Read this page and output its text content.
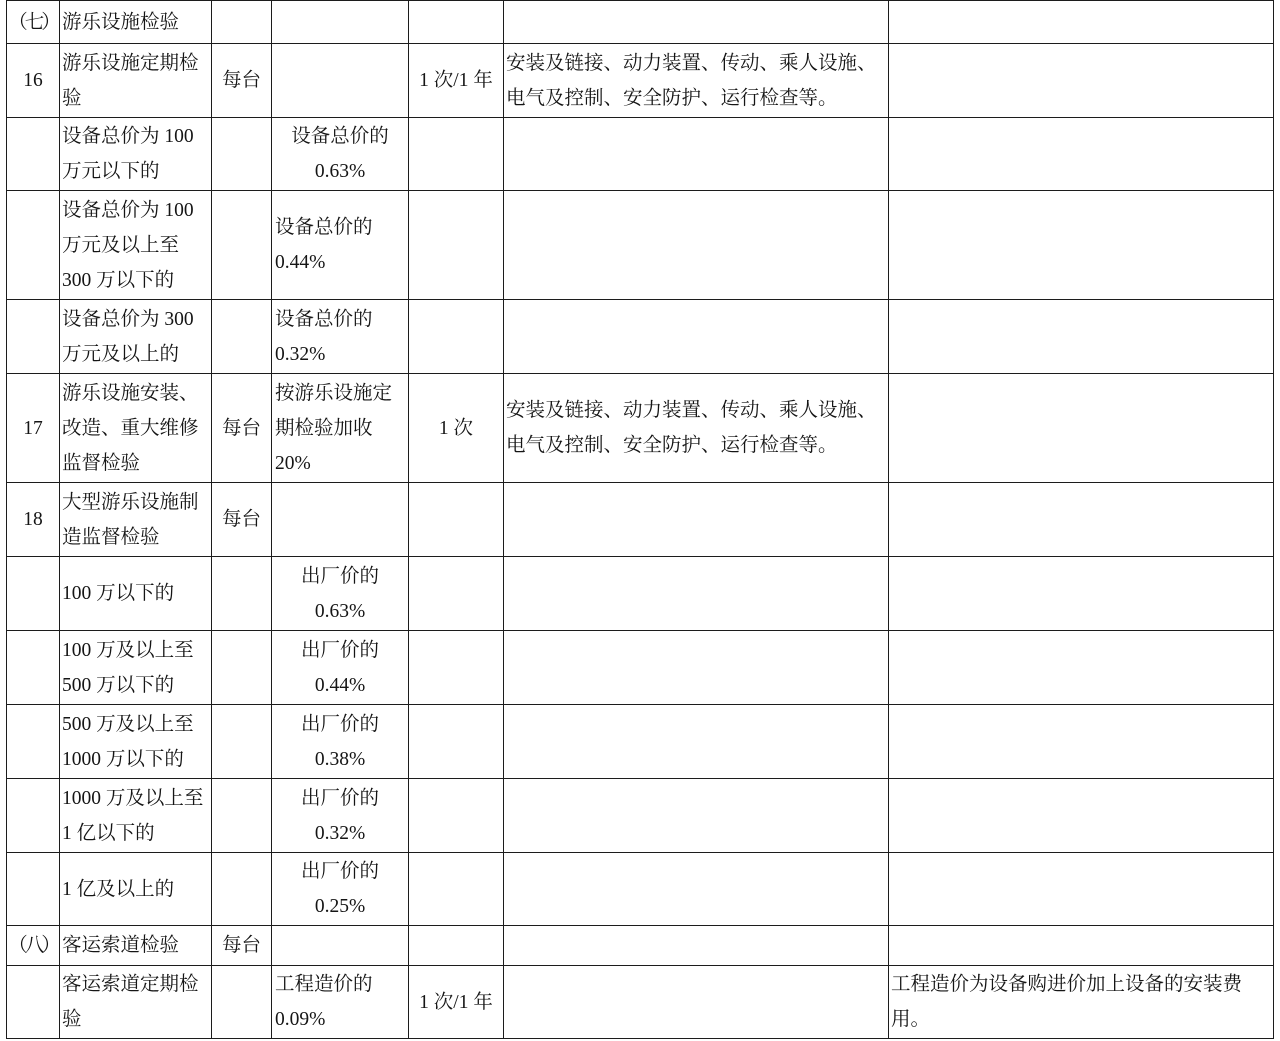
（七） 游乐设施检验
16
游乐设施定期检验
每台	1 次/1 年
安装及链接、动力装置、传动、乘人设施、电气及控制、安全防护、运行检查等。
设备总价为 100 万元以下的
设备总价的0.63%
设备总价为 100 万元及以上至 300 万以下的
设备总价的0.44%
设备总价为 300 万元及以上的
设备总价的0.32%
17
游乐设施安装、改造、重大维修监督检验
每台
按游乐设施定期检验加收20%
1 次
安装及链接、动力装置、传动、乘人设施、电气及控制、安全防护、运行检查等。
18
大型游乐设施制造监督检验
每台
100 万以下的
出厂价的0.63%
100 万及以上至 500 万以下的
出厂价的0.44%
500 万及以上至 1000 万以下的
出厂价的0.38%
1000 万及以上至 1 亿以下的
出厂价的0.32%
1 亿及以上的
出厂价的0.25%
（八） 客运索道检验	每台
客运索道定期检验
工程造价的0.09%
1 次/1 年
工程造价为设备购进价加上设备的安装费用。
